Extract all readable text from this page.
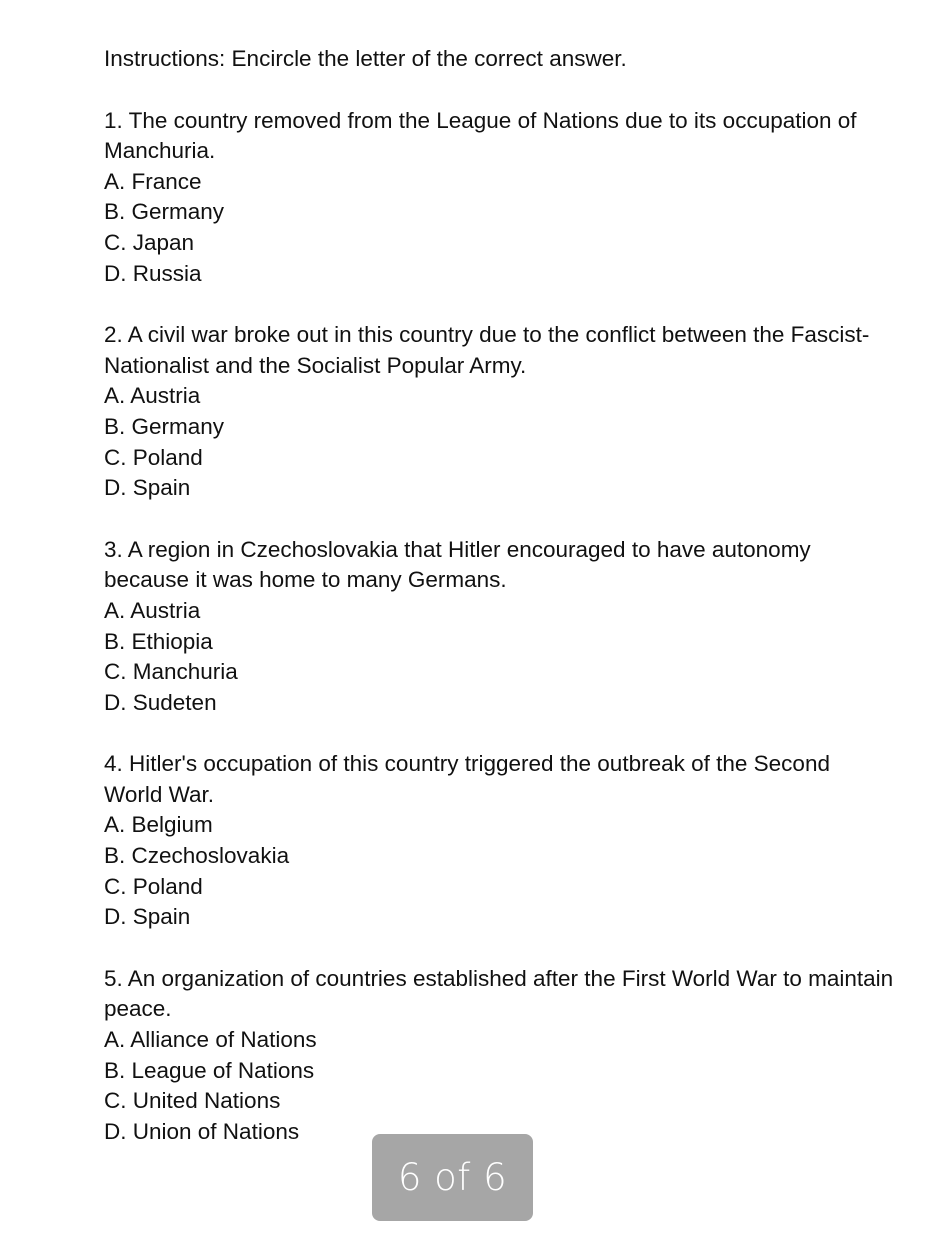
Instructions: Encircle the letter of the correct answer.

1. The country removed from the League of Nations due to its occupation of Manchuria.

A. France
B. Germany
C. Japan
D. Russia

2. A civil war broke out in this country due to the conflict between the Fascist-Nationalist and the Socialist Popular Army.

A. Austria
B. Germany
C. Poland
D. Spain

3. A region in Czechoslovakia that Hitler encouraged to have autonomy because it was home to many Germans.

A. Austria
B. Ethiopia
C. Manchuria
D. Sudeten

4. Hitler's occupation of this country triggered the outbreak of the Second World War.

A. Belgium
B. Czechoslovakia
C. Poland
D. Spain

5. An organization of countries established after the First World War to maintain peace.

A. Alliance of Nations
B. League of Nations
C. United Nations
D. Union of Nations
6 of 6
